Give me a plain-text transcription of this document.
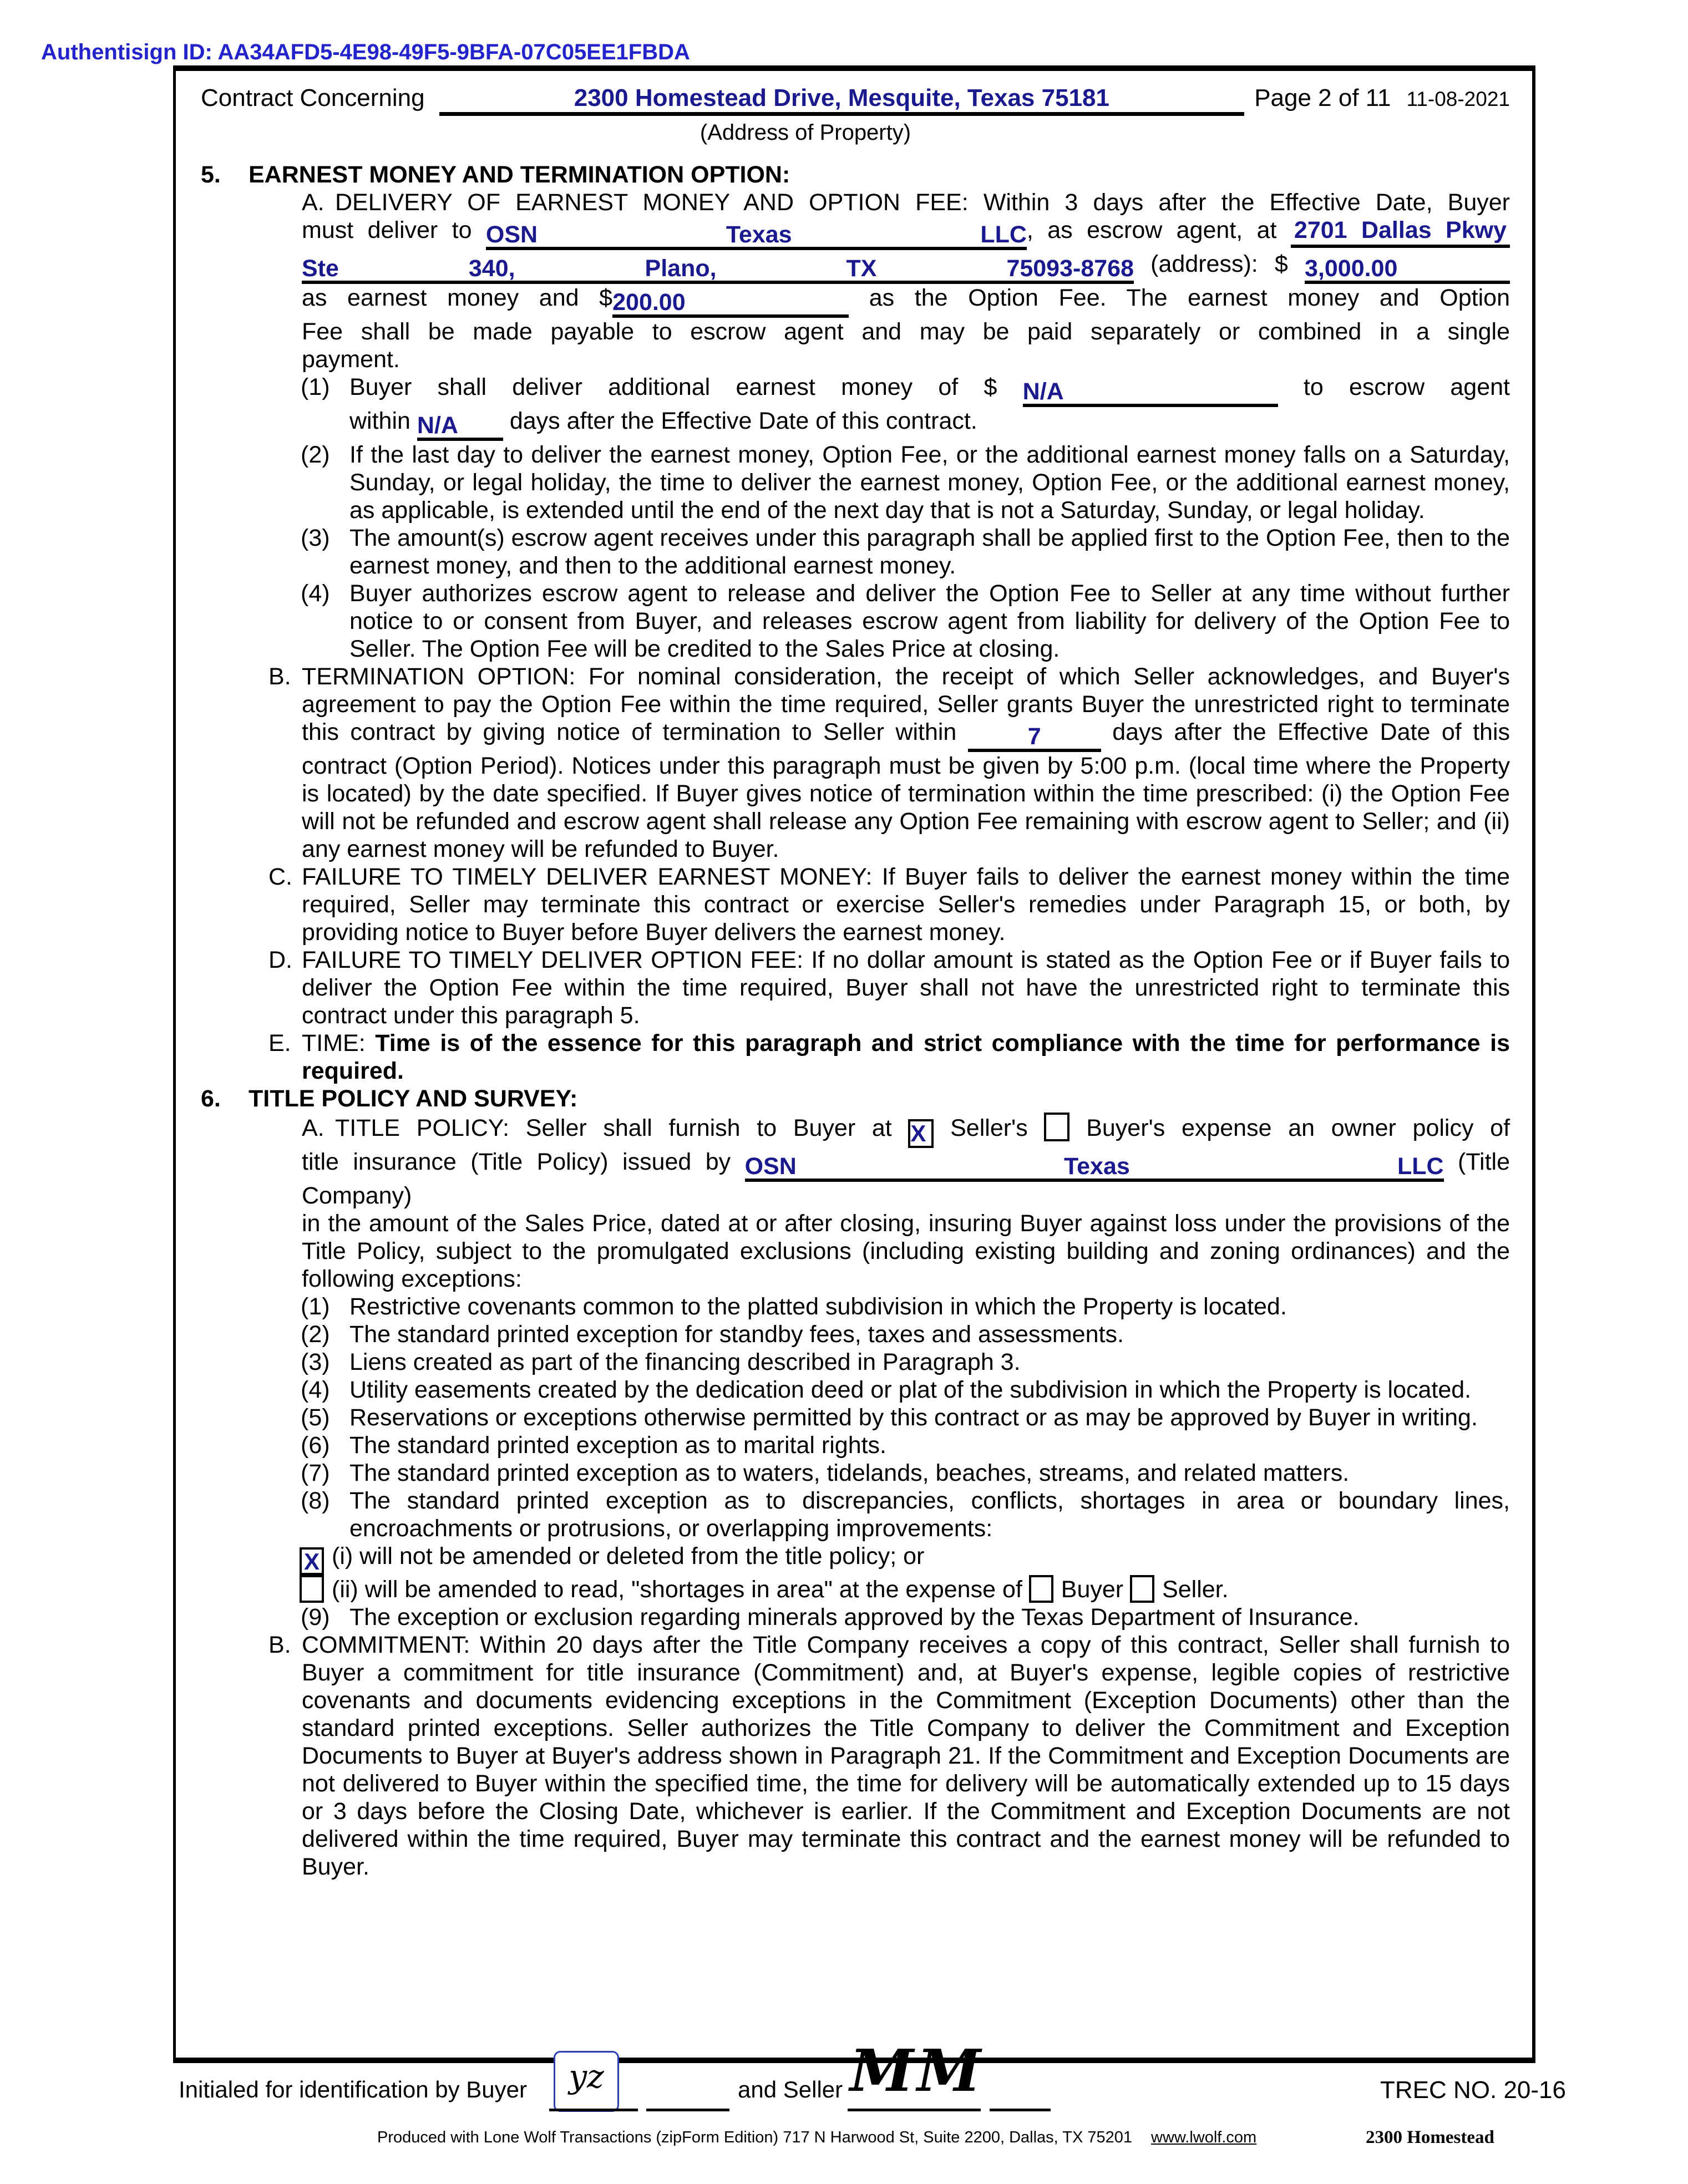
Authentisign ID: AA34AFD5-4E98-49F5-9BFA-07C05EE1FBDA
Contract Concerning	2300 Homestead Drive, Mesquite, Texas 75181	Page 2 of 11 11-08-2021
(Address of Property)
5. EARNEST MONEY AND TERMINATION OPTION:
A. DELIVERY OF EARNEST MONEY AND OPTION FEE: Within 3 days after the Effective Date, Buyer
must deliver to OSN Texas LLC, as escrow agent, at 2701 Dallas Pkwy
Ste 340, Plano, TX 75093-8768 (address): $ 3,000.00
as earnest money and $200.00	as the Option Fee. The earnest money and Option
Fee shall be made payable to escrow agent and may be paid separately or combined in a single
payment.
(1) Buyer shall deliver additional earnest money of $ N/A	to escrow agent
within N/A days after the Effective Date of this contract.
(2) If the last day to deliver the earnest money, Option Fee, or the additional earnest money falls on a Saturday, Sunday, or legal holiday, the time to deliver the earnest money, Option Fee, or the additional earnest money, as applicable, is extended until the end of the next day that is not a Saturday, Sunday, or legal holiday.
(3) The amount(s) escrow agent receives under this paragraph shall be applied first to the Option Fee, then to the earnest money, and then to the additional earnest money.
(4) Buyer authorizes escrow agent to release and deliver the Option Fee to Seller at any time without further notice to or consent from Buyer, and releases escrow agent from liability for delivery of the Option Fee to Seller. The Option Fee will be credited to the Sales Price at closing.
B. TERMINATION OPTION: For nominal consideration, the receipt of which Seller acknowledges, and Buyer's agreement to pay the Option Fee within the time required, Seller grants Buyer the unrestricted right to terminate this contract by giving notice of termination to Seller within	7	days after the Effective Date of this contract (Option Period). Notices under this paragraph must be given by 5:00 p.m. (local time where the Property is located) by the date specified. If Buyer gives notice of termination within the time prescribed: (i) the Option Fee will not be refunded and escrow agent shall release any Option Fee remaining with escrow agent to Seller; and (ii) any earnest money will be refunded to Buyer.
C. FAILURE TO TIMELY DELIVER EARNEST MONEY: If Buyer fails to deliver the earnest money within the time required, Seller may terminate this contract or exercise Seller's remedies under Paragraph 15, or both, by providing notice to Buyer before Buyer delivers the earnest money.
D. FAILURE TO TIMELY DELIVER OPTION FEE: If no dollar amount is stated as the Option Fee or if Buyer fails to deliver the Option Fee within the time required, Buyer shall not have the unrestricted right to terminate this contract under this paragraph 5.
E. TIME: Time is of the essence for this paragraph and strict compliance with the time for performance is required.
6. TITLE POLICY AND SURVEY:
A. TITLE POLICY: Seller shall furnish to Buyer at X Seller's Buyer's expense an owner policy of
title insurance (Title Policy) issued by OSN Texas LLC (Title Company)
in the amount of the Sales Price, dated at or after closing, insuring Buyer against loss under the provisions of the Title Policy, subject to the promulgated exclusions (including existing building and zoning ordinances) and the following exceptions:
(1) Restrictive covenants common to the platted subdivision in which the Property is located.
(2) The standard printed exception for standby fees, taxes and assessments.
(3) Liens created as part of the financing described in Paragraph 3.
(4) Utility easements created by the dedication deed or plat of the subdivision in which the Property is located.
(5) Reservations or exceptions otherwise permitted by this contract or as may be approved by Buyer in writing.
(6) The standard printed exception as to marital rights.
(7) The standard printed exception as to waters, tidelands, beaches, streams, and related matters.
(8) The standard printed exception as to discrepancies, conflicts, shortages in area or boundary lines, encroachments or protrusions, or overlapping improvements:
X (i) will not be amended or deleted from the title policy; or
(ii) will be amended to read, "shortages in area" at the expense of Buyer Seller.
(9) The exception or exclusion regarding minerals approved by the Texas Department of Insurance.
B. COMMITMENT: Within 20 days after the Title Company receives a copy of this contract, Seller shall furnish to Buyer a commitment for title insurance (Commitment) and, at Buyer's expense, legible copies of restrictive covenants and documents evidencing exceptions in the Commitment (Exception Documents) other than the standard printed exceptions. Seller authorizes the Title Company to deliver the Commitment and Exception Documents to Buyer at Buyer's address shown in Paragraph 21. If the Commitment and Exception Documents are not delivered to Buyer within the specified time, the time for delivery will be automatically extended up to 15 days or 3 days before the Closing Date, whichever is earlier. If the Commitment and Exception Documents are not delivered within the time required, Buyer may terminate this contract and the earnest money will be refunded to Buyer.
Initialed for identification by Buyer	yz	and Seller MM	TREC NO. 20-16
Produced with Lone Wolf Transactions (zipForm Edition) 717 N Harwood St, Suite 2200, Dallas, TX 75201 www.lwolf.com	2300 Homestead
